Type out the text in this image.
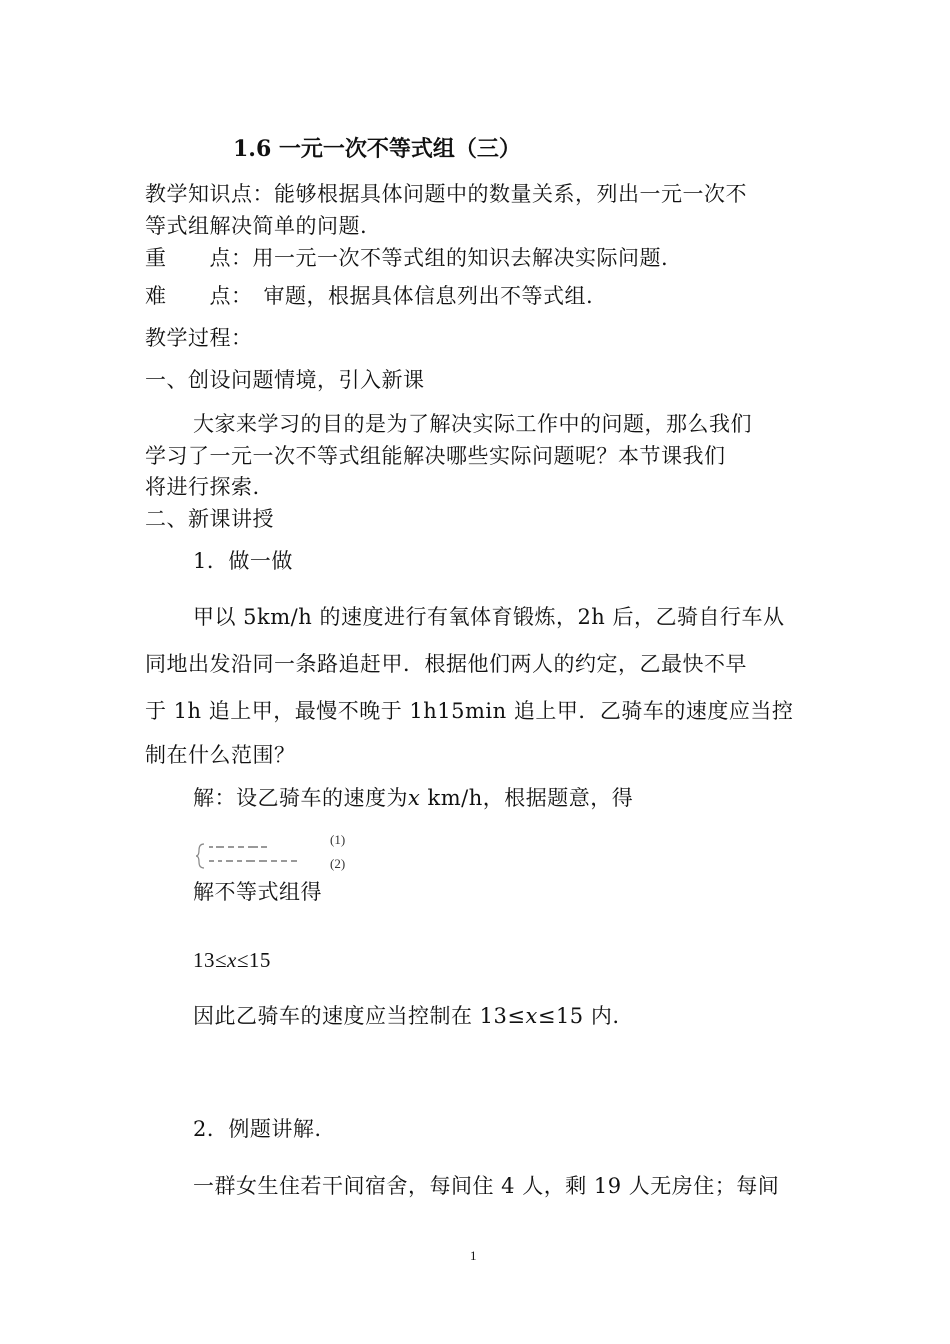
1.6 一元一次不等式组（三）
教学知识点：能够根据具体问题中的数量关系，列出一元一次不
等式组解决简单的问题.
重　　点：用一元一次不等式组的知识去解决实际问题.
难　　点：　审题，根据具体信息列出不等式组.
教学过程：
一、创设问题情境，引入新课
大家来学习的目的是为了解决实际工作中的问题，那么我们
学习了一元一次不等式组能解决哪些实际问题呢？本节课我们
将进行探索.
二、新课讲授
1．做一做
甲以 5km/h 的速度进行有氧体育锻炼，2h 后，乙骑自行车从
同地出发沿同一条路追赶甲．根据他们两人的约定，乙最快不早
于 1h 追上甲，最慢不晚于 1h15min 追上甲．乙骑车的速度应当控
制在什么范围？
解：设乙骑车的速度为x km/h，根据题意，得
(1)
(2)
解不等式组得
13≤x≤15
因此乙骑车的速度应当控制在 13≤x≤15 内.
2．例题讲解.
一群女生住若干间宿舍，每间住 4 人，剩 19 人无房住；每间
1
